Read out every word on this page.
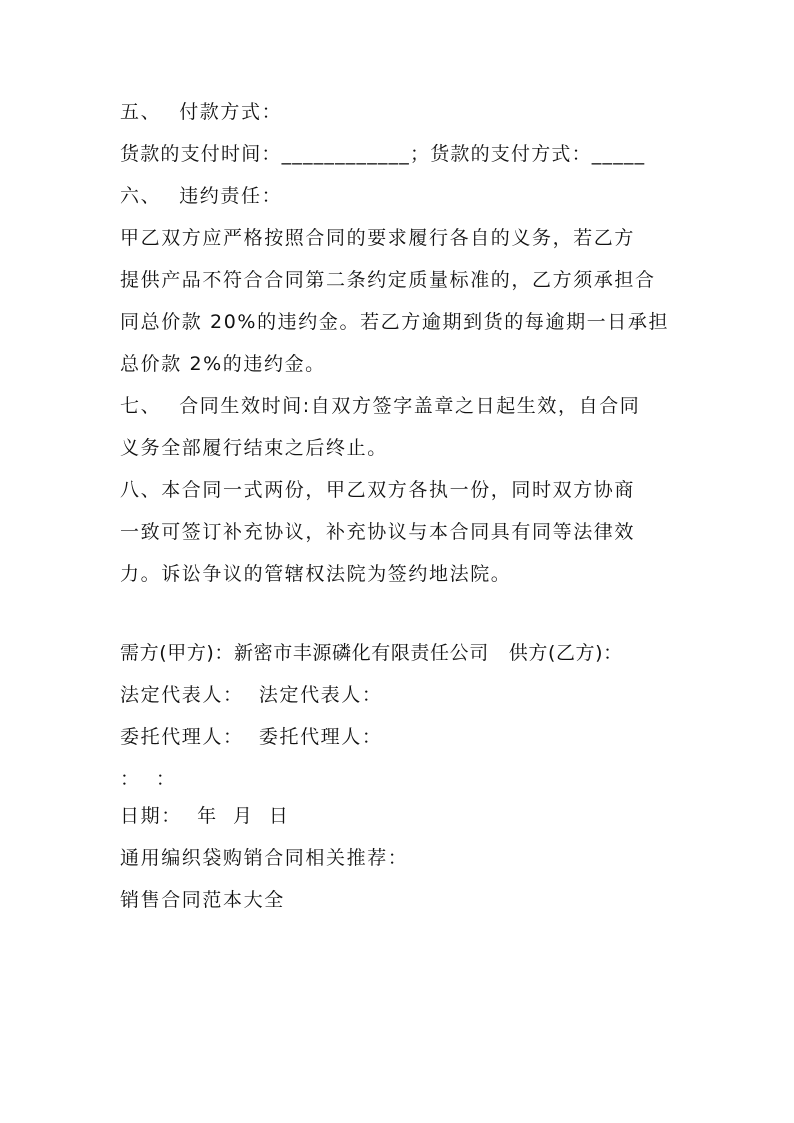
五、 付款方式：
货款的支付时间：____________；货款的支付方式：_____
六、 违约责任：
甲乙双方应严格按照合同的要求履行各自的义务，若乙方
提供产品不符合合同第二条约定质量标准的，乙方须承担合
同总价款 20%的违约金。若乙方逾期到货的每逾期一日承担
总价款 2%的违约金。
七、 合同生效时间:自双方签字盖章之日起生效，自合同
义务全部履行结束之后终止。
八、本合同一式两份，甲乙双方各执一份，同时双方协商
一致可签订补充协议，补充协议与本合同具有同等法律效
力。诉讼争议的管辖权法院为签约地法院。
需方(甲方)：新密市丰源磷化有限责任公司   供方(乙方)：
法定代表人：  法定代表人：
委托代理人：  委托代理人：
：  ：
日期：  年  月  日
通用编织袋购销合同相关推荐：
销售合同范本大全
